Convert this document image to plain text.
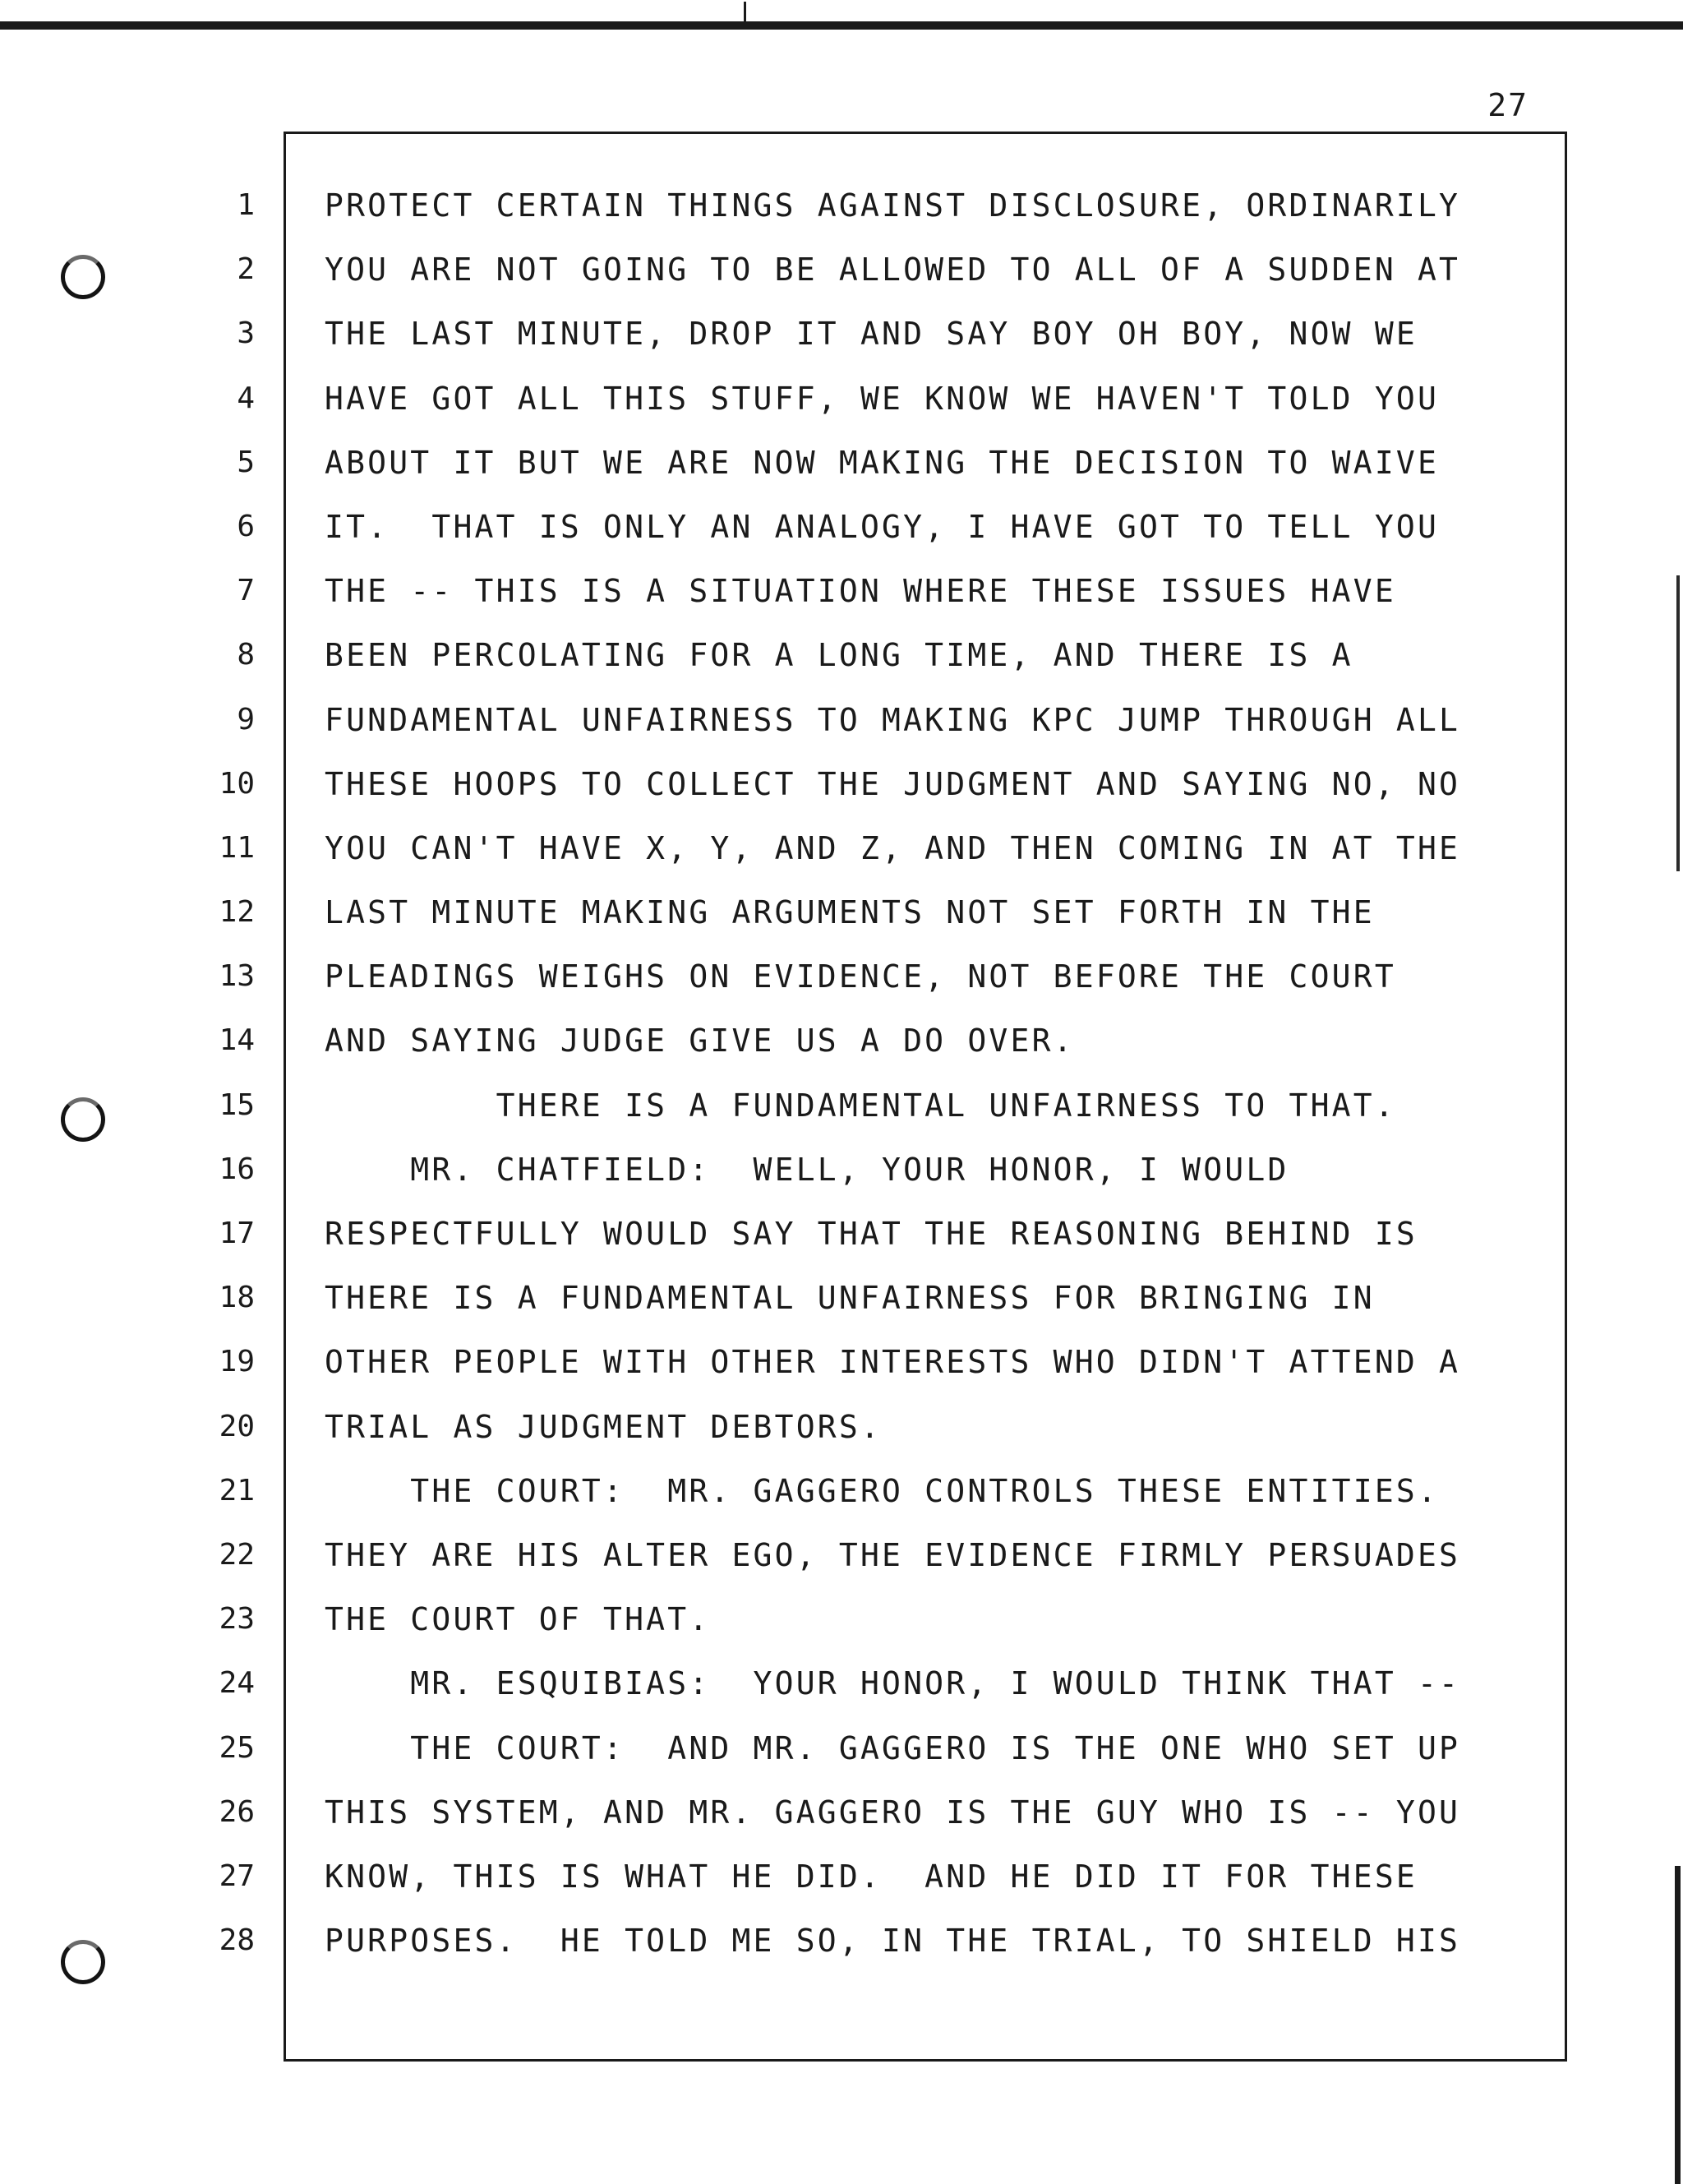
27
1
2
3
4
5
6
7
8
9
10
11
12
13
14
15
16
17
18
19
20
21
22
23
24
25
26
27
28
PROTECT CERTAIN THINGS AGAINST DISCLOSURE, ORDINARILY
YOU ARE NOT GOING TO BE ALLOWED TO ALL OF A SUDDEN AT
THE LAST MINUTE, DROP IT AND SAY BOY OH BOY, NOW WE
HAVE GOT ALL THIS STUFF, WE KNOW WE HAVEN'T TOLD YOU
ABOUT IT BUT WE ARE NOW MAKING THE DECISION TO WAIVE
IT.  THAT IS ONLY AN ANALOGY, I HAVE GOT TO TELL YOU
THE -- THIS IS A SITUATION WHERE THESE ISSUES HAVE
BEEN PERCOLATING FOR A LONG TIME, AND THERE IS A
FUNDAMENTAL UNFAIRNESS TO MAKING KPC JUMP THROUGH ALL
THESE HOOPS TO COLLECT THE JUDGMENT AND SAYING NO, NO
YOU CAN'T HAVE X, Y, AND Z, AND THEN COMING IN AT THE
LAST MINUTE MAKING ARGUMENTS NOT SET FORTH IN THE
PLEADINGS WEIGHS ON EVIDENCE, NOT BEFORE THE COURT
AND SAYING JUDGE GIVE US A DO OVER.
THERE IS A FUNDAMENTAL UNFAIRNESS TO THAT.
MR. CHATFIELD:  WELL, YOUR HONOR, I WOULD
RESPECTFULLY WOULD SAY THAT THE REASONING BEHIND IS
THERE IS A FUNDAMENTAL UNFAIRNESS FOR BRINGING IN
OTHER PEOPLE WITH OTHER INTERESTS WHO DIDN'T ATTEND A
TRIAL AS JUDGMENT DEBTORS.
THE COURT:  MR. GAGGERO CONTROLS THESE ENTITIES.
THEY ARE HIS ALTER EGO, THE EVIDENCE FIRMLY PERSUADES
THE COURT OF THAT.
MR. ESQUIBIAS:  YOUR HONOR, I WOULD THINK THAT --
THE COURT:  AND MR. GAGGERO IS THE ONE WHO SET UP
THIS SYSTEM, AND MR. GAGGERO IS THE GUY WHO IS -- YOU
KNOW, THIS IS WHAT HE DID.  AND HE DID IT FOR THESE
PURPOSES.  HE TOLD ME SO, IN THE TRIAL, TO SHIELD HIS
